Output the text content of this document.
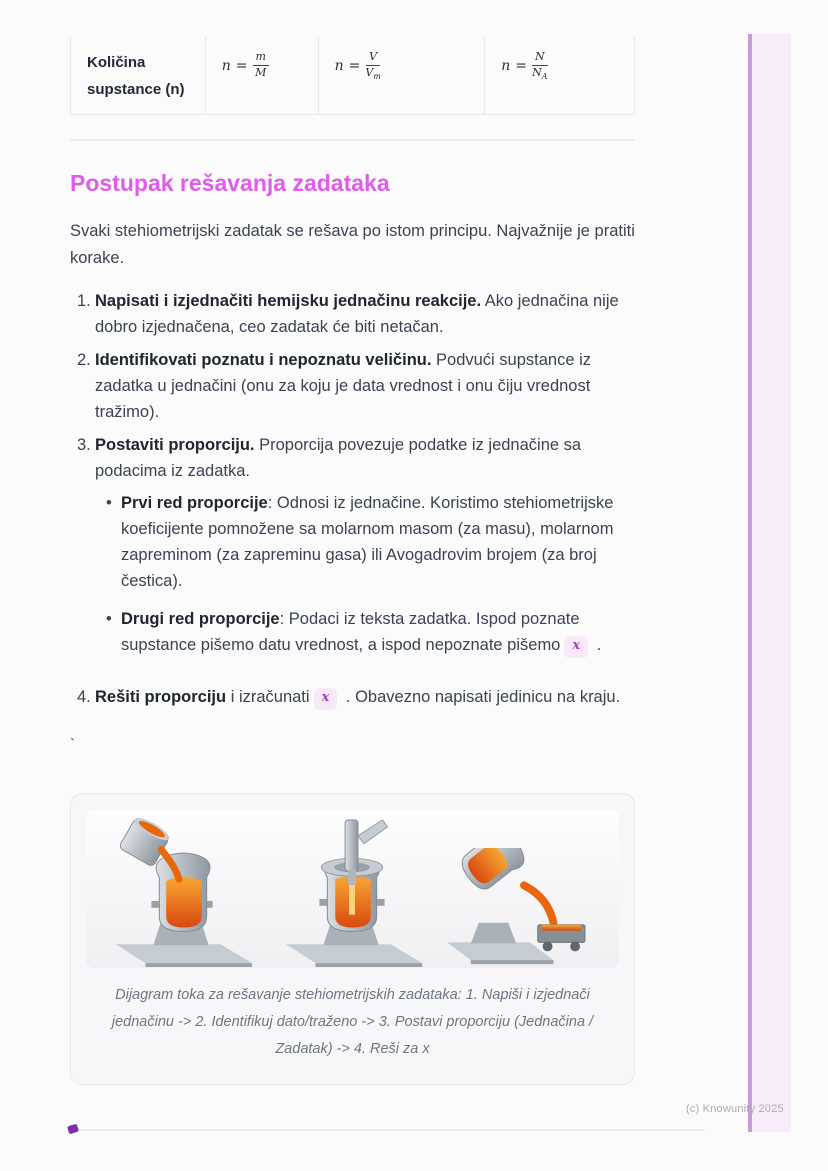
Količina supstance (n)
$n = \frac{m}{M}$	$n = \frac{V}{V_m}$	$n = \frac{N}{N_A}$
Postupak rešavanja zadataka

Svaki stehiometrijski zadatak se rešava po istom principu. Najvažnije je pratiti korake.

1. Napisati i izjednačiti hemijsku jednačinu reakcije. Ako jednačina nije dobro izjednačena, ceo zadatak će biti netačan.
2. Identifikovati poznatu i nepoznatu veličinu. Podvući supstance iz zadatka u jednačini (onu za koju je data vrednost i onu čiju vrednost tražimo).
3. Postaviti proporciju. Proporcija povezuje podatke iz jednačine sa podacima iz zadatka.
• Prvi red proporcije: Odnosi iz jednačine. Koristimo stehiometrijske koeficijente pomnožene sa molarnom masom (za masu), molarnom zapreminom (za zapreminu gasa) ili Avogadrovim brojem (za broj čestica).
• Drugi red proporcije: Podaci iz teksta zadatka. Ispod poznate supstance pišemo datu vrednost, a ispod nepoznate pišemo x .
4. Rešiti proporciju i izračunati x . Obavezno napisati jedinicu na kraju.
`
Dijagram toka za rešavanje stehiometrijskih zadataka: 1. Napiši i izjednači jednačinu -> 2. Identifikuj dato/traženo -> 3. Postavi proporciju (Jednačina / Zadatak) -> 4. Reši za x
(c) Knowunity 2025
